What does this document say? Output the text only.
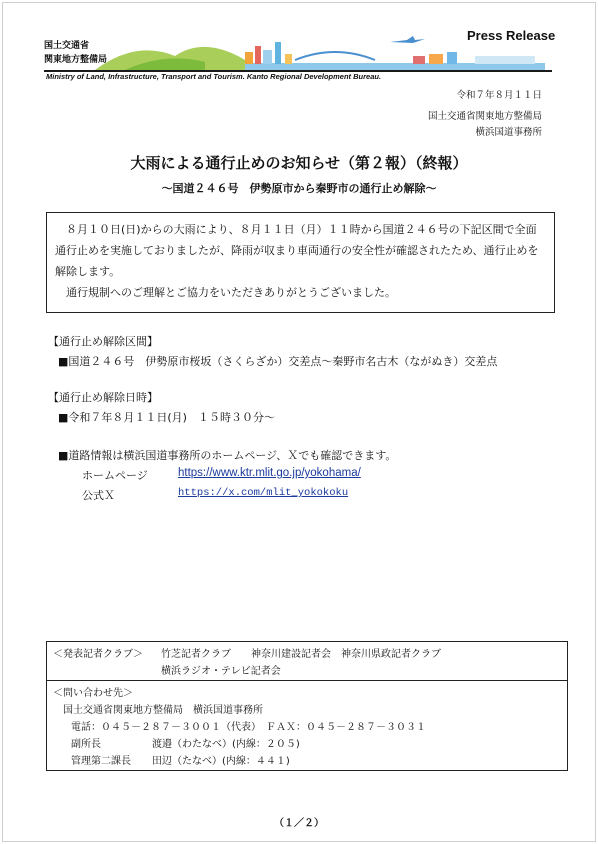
国土交通省
関東地方整備局
Press Release
Ministry of Land, Infrastructure, Transport and Tourism. Kanto Regional Development Bureau.
令和７年８月１１日
国土交通省関東地方整備局
横浜国道事務所
大雨による通行止めのお知らせ（第２報）（終報）
～国道２４６号　伊勢原市から秦野市の通行止め解除～

８月１０日(日)からの大雨により、８月１１日（月）１１時から国道２４６号の下記区間で全面通行止めを実施しておりましたが、降雨が収まり車両通行の安全性が確認されたため、通行止めを解除します。

通行規制へのご理解とご協力をいただきありがとうございました。

【通行止め解除区間】
■国道２４６号　伊勢原市桜坂（さくらざか）交差点～秦野市名古木（ながぬき）交差点
【通行止め解除日時】
■令和７年８月１１日(月)　１５時３０分～
■道路情報は横浜国道事務所のホームページ、Ｘでも確認できます。
ホームページ	https://www.ktr.mlit.go.jp/yokohama/
公式Ｘ	https://x.com/mlit_yokokoku
＜発表記者クラブ＞ 竹芝記者クラブ　　神奈川建設記者会　神奈川県政記者クラブ
横浜ラジオ・テレビ記者会
＜問い合わせ先＞
国土交通省関東地方整備局　横浜国道事務所
電話：０４５－２８７－３００１（代表）　ＦＡＸ：０４５－２８７－３０３１
副所長	渡邉（わたなべ）(内線：２０５)
管理第二課長 田辺（たなべ）(内線：４４１)
（１／２）
